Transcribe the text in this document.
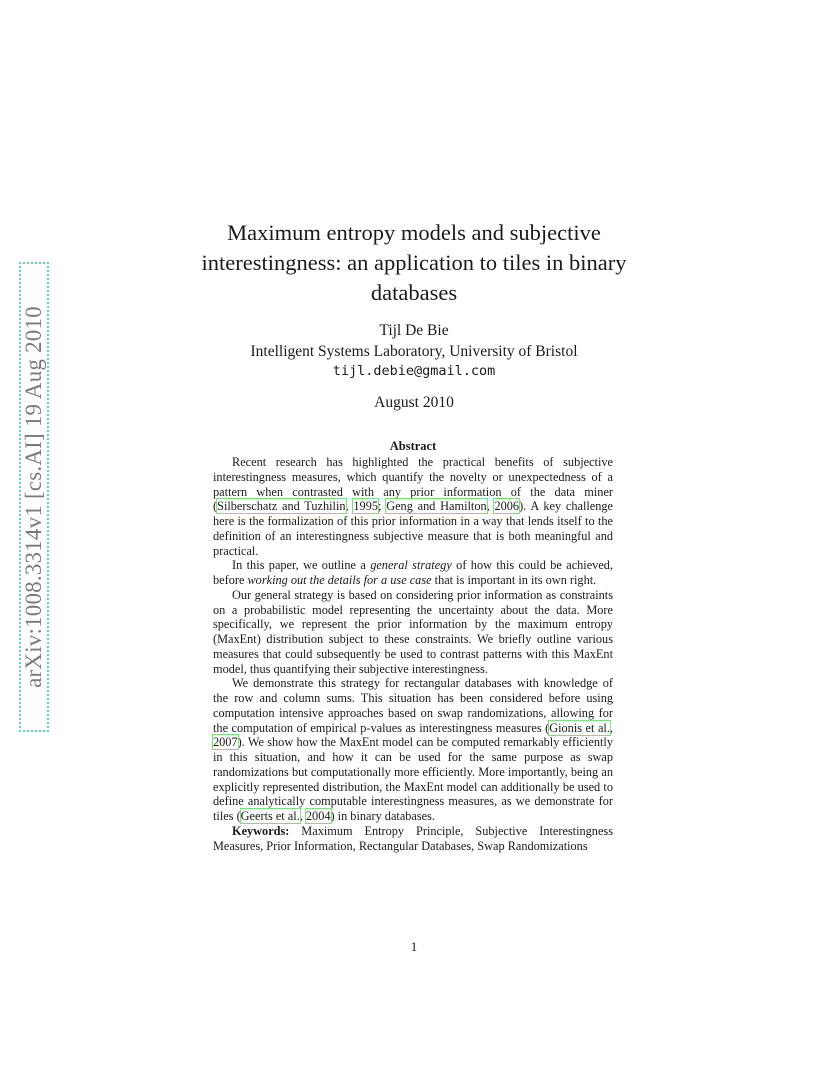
arXiv:1008.3314v1 [cs.AI] 19 Aug 2010
Maximum entropy models and subjective
interestingness: an application to tiles in binary
databases

Tijl De Bie

Intelligent Systems Laboratory, University of Bristol

tijl.debie@gmail.com

August 2010

Abstract

Recent research has highlighted the practical benefits of subjective interestingness measures, which quantify the novelty or unexpectedness of a pattern when contrasted with any prior information of the data miner (Silberschatz and Tuzhilin, 1995; Geng and Hamilton, 2006). A key challenge here is the formalization of this prior information in a way that lends itself to the definition of an interestingness subjective measure that is both meaningful and practical.

In this paper, we outline a general strategy of how this could be achieved, before working out the details for a use case that is important in its own right.

Our general strategy is based on considering prior information as constraints on a probabilistic model representing the uncertainty about the data. More specifically, we represent the prior information by the maximum entropy (MaxEnt) distribution subject to these constraints. We briefly outline various measures that could subsequently be used to contrast patterns with this MaxEnt model, thus quantifying their subjective interestingness.

We demonstrate this strategy for rectangular databases with knowledge of the row and column sums. This situation has been considered before using computation intensive approaches based on swap randomizations, allowing for the computation of empirical p-values as interestingness measures (Gionis et al., 2007). We show how the MaxEnt model can be computed remarkably efficiently in this situation, and how it can be used for the same purpose as swap randomizations but computationally more efficiently. More importantly, being an explicitly represented distribution, the MaxEnt model can additionally be used to define analytically computable interestingness measures, as we demonstrate for tiles (Geerts et al., 2004) in binary databases.

Keywords: Maximum Entropy Principle, Subjective Interestingness Measures, Prior Information, Rectangular Databases, Swap Randomizations

1
